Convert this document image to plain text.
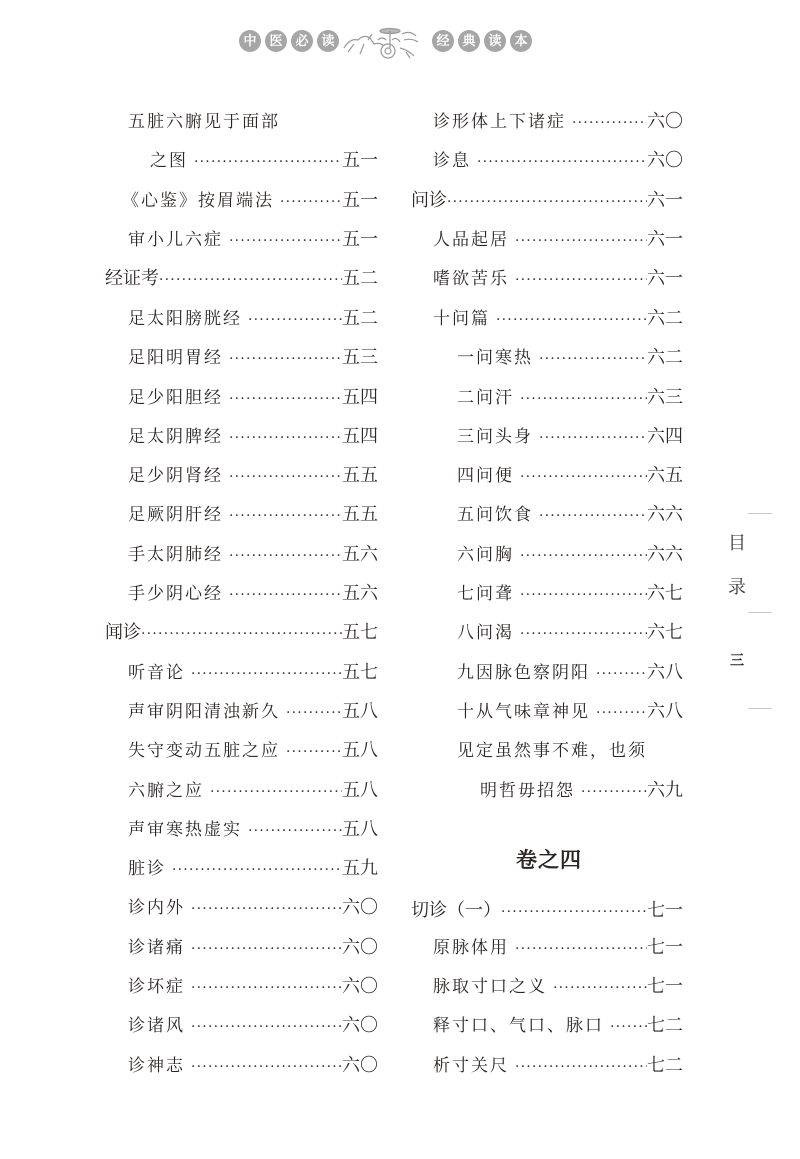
中 医 必 读	经 典 读 本
五脏六腑见于面部
之图 ·····	五一
《心鉴》按眉端法 ·····	五一
审小儿六症 ·····	五一
经证考 ·····	五二
足太阳膀胱经 ·····	五二
足阳明胃经 ·····	五三
足少阳胆经 ·····	五四
足太阴脾经 ·····	五四
足少阴肾经 ·····	五五
足厥阴肝经 ·····	五五
手太阴肺经 ·····	五六
手少阴心经 ·····	五六
闻诊 ·····	五七
听音论 ·····	五七
声审阴阳清浊新久 ·····	五八
失守变动五脏之应 ·····	五八
六腑之应 ·····	五八
声审寒热虚实 ·····	五八
脏诊 ·····	五九
诊内外 ·····	六〇
诊诸痛 ·····	六〇
诊坏症 ·····	六〇
诊诸风 ·····	六〇
诊神志 ·····	六〇
诊形体上下诸症 ·····	六〇
诊息 ·····	六〇
问诊 ·····	六一
人品起居 ·····	六一
嗜欲苦乐 ·····	六一
十问篇 ·····	六二
一问寒热 ·····	六二
二问汗 ·····	六三
三问头身 ·····	六四
四问便 ·····	六五
五问饮食 ·····	六六
六问胸 ·····	六六
七问聋 ·····	六七
八问渴 ·····	六七
九因脉色察阴阳 ·····	六八
十从气味章神见 ·····	六八
见定虽然事不难，也须
明哲毋招怨 ·····	六九
卷之四
切诊（一） ·····	七一
原脉体用 ·····	七一
脉取寸口之义 ·····	七一
释寸口、气口、脉口 ····· 七二
析寸关尺 ·····	七二
目
录
三
